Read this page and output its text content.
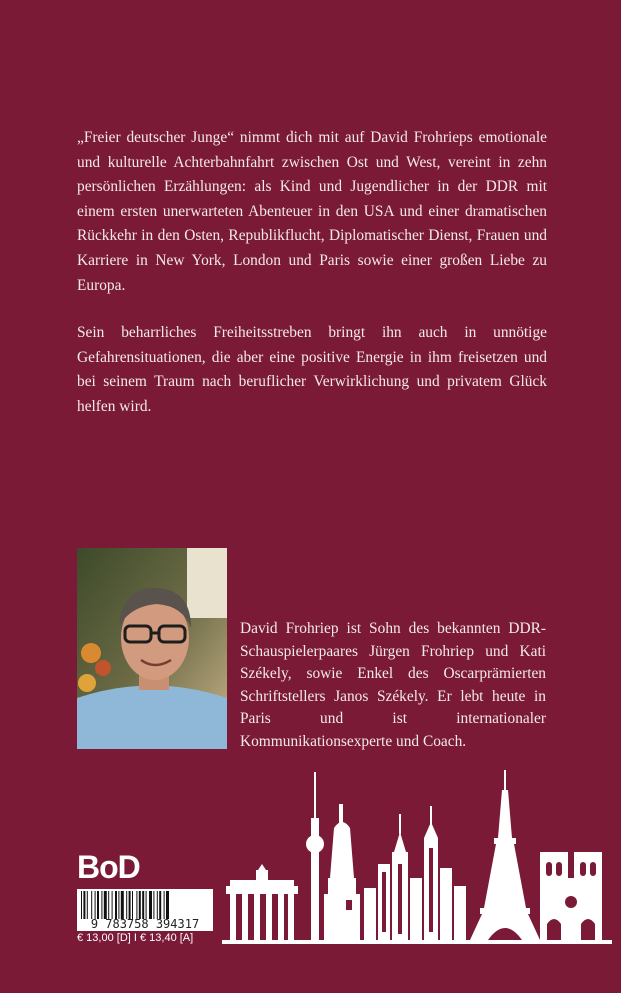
„Freier deutscher Junge“ nimmt dich mit auf David Frohrieps emotionale und kulturelle Achterbahnfahrt zwischen Ost und West, vereint in zehn persönlichen Erzählungen: als Kind und Jugendlicher in der DDR mit einem ersten unerwarteten Abenteuer in den USA und einer dramatischen Rückkehr in den Osten, Republikflucht, Diplomatischer Dienst, Frauen und Karriere in New York, London und Paris sowie einer großen Liebe zu Europa.

Sein beharrliches Freiheitsstreben bringt ihn auch in unnötige Gefahrensituationen, die aber eine positive Energie in ihm freisetzen und bei seinem Traum nach beruflicher Verwirklichung und privatem Glück helfen wird.

David Frohriep ist Sohn des bekannten DDR-Schauspielerpaares Jürgen Frohriep und Kati Székely, sowie Enkel des Oscarprämierten Schriftstellers Janos Székely. Er lebt heute in Paris und ist internationaler Kommunikationsexperte und Coach.

BoD
9 783758 394317
€ 13,00 [D] I € 13,40 [A]
